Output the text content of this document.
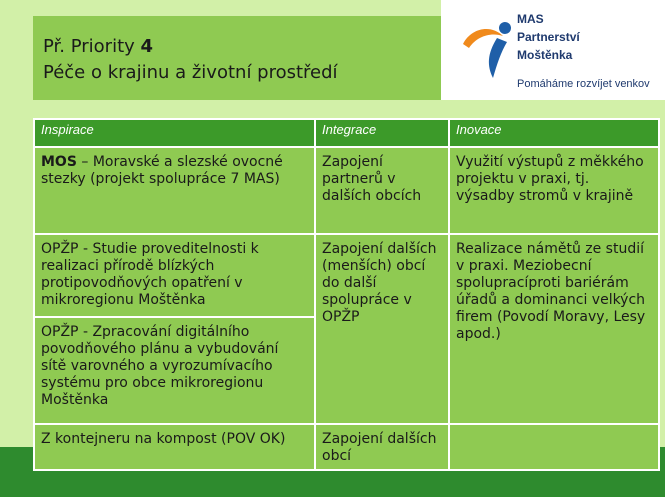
Př. Priority 4
Péče o krajinu a životní prostředí
MAS
Partnerství
Moštěnka
Pomáháme rozvíjet venkov
Inspirace	Integrace	Inovace
MOS – Moravské a slezské ovocné stezky (projekt spolupráce 7 MAS)	Zapojení partnerů v dalších obcích	Využití výstupů z měkkého projektu v praxi, tj. výsadby stromů v krajině
OPŽP - Studie proveditelnosti k realizaci přírodě blízkých protipovodňových opatření v mikroregionu Moštěnka	Zapojení dalších (menších) obcí do další spolupráce v OPŽP	Realizace námětů ze studií v praxi. Meziobecní spolupracíproti bariérám úřadů a dominanci velkých firem (Povodí Moravy, Lesy apod.)
OPŽP - Zpracování digitálního povodňového plánu a vybudování sítě varovného a vyrozumívacího systému pro obce mikroregionu Moštěnka		
Z kontejneru na kompost (POV OK)	Zapojení dalších obcí	
